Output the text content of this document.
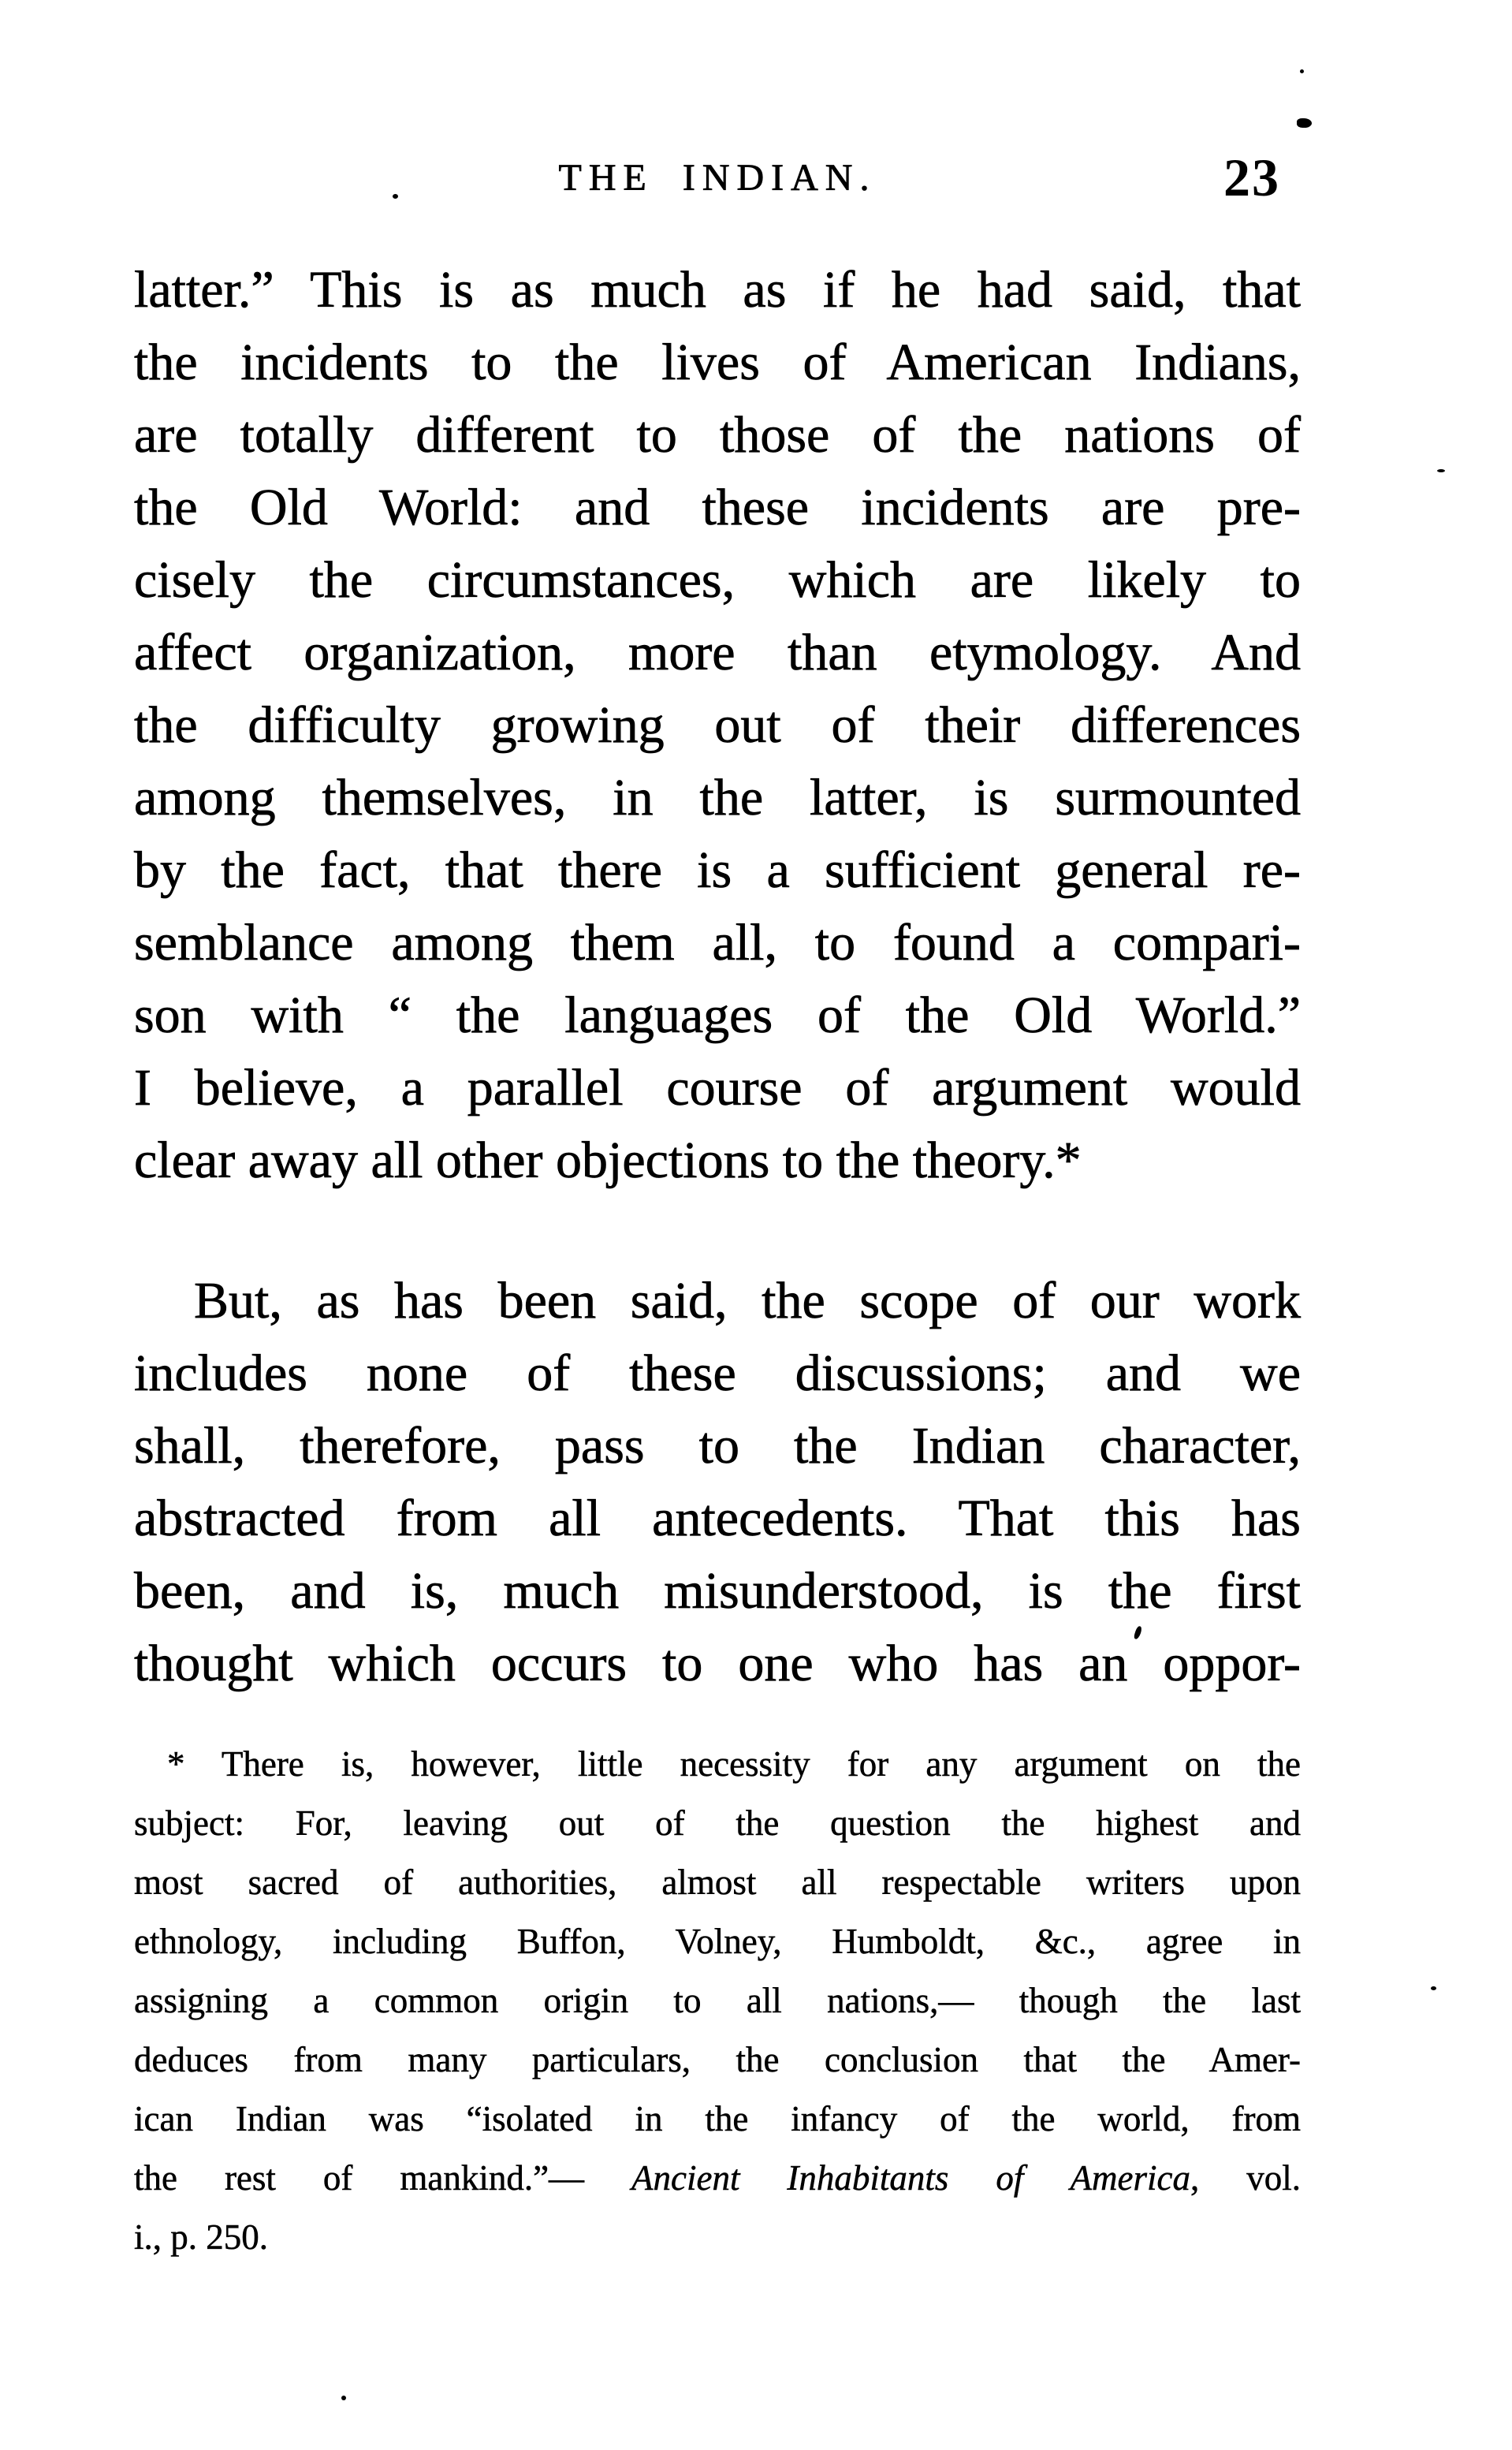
THE INDIAN.	23
latter.” This is as much as if he had said, that
the incidents to the lives of American Indians,
are totally different to those of the nations of
the Old World: and these incidents are pre-
cisely the circumstances, which are likely to
affect organization, more than etymology. And
the difficulty growing out of their differences
among themselves, in the latter, is surmounted
by the fact, that there is a sufficient general re-
semblance among them all, to found a compari-
son with “ the languages of the Old World.”
I believe, a parallel course of argument would
clear away all other objections to the theory.*
But, as has been said, the scope of our work
includes none of these discussions; and we
shall, therefore, pass to the Indian character,
abstracted from all antecedents. That this has
been, and is, much misunderstood, is the first
thought which occurs to one who has an oppor-
* There is, however, little necessity for any argument on the
subject: For, leaving out of the question the highest and
most sacred of authorities, almost all respectable writers upon
ethnology, including Buffon, Volney, Humboldt, &c., agree in
assigning a common origin to all nations,— though the last
deduces from many particulars, the conclusion that the Amer-
ican Indian was “isolated in the infancy of the world, from
the rest of mankind.”— Ancient Inhabitants of America, vol.
i., p. 250.
